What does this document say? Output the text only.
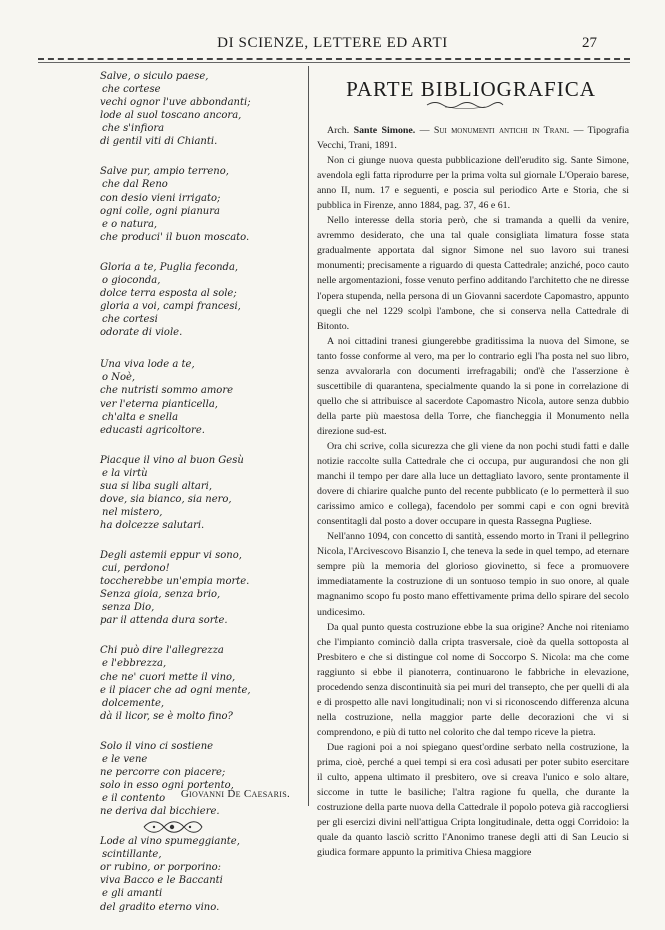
DI SCIENZE, LETTERE ED ARTI	27
Salve, o siculo paese,
che cortese
vechi ognor l'uve abbondanti;
lode al suol toscano ancora,
che s'infiora
di gentil viti di Chianti.
Salve pur, ampio terreno,
che dal Reno
con desio vieni irrigato;
ogni colle, ogni pianura
e o natura,
che produci' il buon moscato.
Gloria a te, Puglia feconda,
o gioconda,
dolce terra esposta al sole;
gloria a voi, campi francesi,
che cortesi
odorate di viole.
Una viva lode a te,
o Noè,
che nutristi sommo amore
ver l'eterna pianticella,
ch'alta e snella
educasti agricoltore.
Piacque il vino al buon Gesù
e la virtù
sua si liba sugli altari,
dove, sia bianco, sia nero,
nel mistero,
ha dolcezze salutari.
Degli astemii eppur vi sono,
cui, perdono!
toccherebbe un'empia morte.
Senza gioia, senza brio,
senza Dio,
par il attenda dura sorte.
Chi può dire l'allegrezza
e l'ebbrezza,
che ne' cuori mette il vino,
e il piacer che ad ogni mente,
dolcemente,
dà il licor, se è molto fino?
Solo il vino ci sostiene
e le vene
ne percorre con piacere;
solo in esso ogni portento,
e il contento
ne deriva dal bicchiere.
Lode al vino spumeggiante,
scintillante,
or rubino, or porporino:
viva Bacco e le Baccanti
e gli amanti
del gradito eterno vino.
Giovanni De Caesaris.
PARTE BIBLIOGRAFICA

Arch. Sante Simone. — Sui monumenti antichi in Trani. — Tipografia Vecchi, Trani, 1891.

Non ci giunge nuova questa pubblicazione dell'erudito sig. Sante Simone, avendola egli fatta riprodurre per la prima volta sul giornale L'Operaio barese, anno II, num. 17 e seguenti, e poscia sul periodico Arte e Storia, che si pubblica in Firenze, anno 1884, pag. 37, 46 e 61.

Nello interesse della storia però, che si tramanda a quelli da venire, avremmo desiderato, che una tal quale consigliata limatura fosse stata gradualmente apportata dal signor Simone nel suo lavoro sui tranesi monumenti; precisamente a riguardo di questa Cattedrale; anziché, poco cauto nelle argomentazioni, fosse venuto perfino additando l'architetto che ne diresse l'opera stupenda, nella persona di un Giovanni sacerdote Capomastro, appunto quegli che nel 1229 scolpì l'ambone, che si conserva nella Cattedrale di Bitonto.

A noi cittadini tranesi giungerebbe graditissima la nuova del Simone, se tanto fosse conforme al vero, ma per lo contrario egli l'ha posta nel suo libro, senza avvalorarla con documenti irrefragabili; ond'è che l'asserzione è suscettibile di quarantena, specialmente quando la si pone in correlazione di quello che si attribuisce al sacerdote Capomastro Nicola, autore senza dubbio della parte più maestosa della Torre, che fiancheggia il Monumento nella direzione sud-est.

Ora chi scrive, colla sicurezza che gli viene da non pochi studi fatti e dalle notizie raccolte sulla Cattedrale che ci occupa, pur augurandosi che non gli manchi il tempo per dare alla luce un dettagliato lavoro, sente prontamente il dovere di chiarire qualche punto del recente pubblicato (e lo permetterà il suo carissimo amico e collega), facendolo per sommi capi e con ogni brevità consentitagli dal posto a dover occupare in questa Rassegna Pugliese.

Nell'anno 1094, con concetto di santità, essendo morto in Trani il pellegrino Nicola, l'Arcivescovo Bisanzio I, che teneva la sede in quel tempo, ad eternare sempre più la memoria del glorioso giovinetto, si fece a promuovere immediatamente la costruzione di un sontuoso tempio in suo onore, al quale magnanimo scopo fu posto mano effettivamente prima dello spirare del secolo undicesimo.

Da qual punto questa costruzione ebbe la sua origine? Anche noi riteniamo che l'impianto cominciò dalla cripta trasversale, cioè da quella sottoposta al Presbitero e che si distingue col nome di Soccorpo S. Nicola: ma che come raggiunto si ebbe il pianoterra, continuarono le fabbriche in elevazione, procedendo senza discontinuità sia pei muri del transepto, che per quelli di ala e di prospetto alle navi longitudinali; non vi si riconoscendo differenza alcuna nella costruzione, nella maggior parte delle decorazioni che vi si comprendono, e più di tutto nel colorito che dal tempo riceve la pietra.

Due ragioni poi a noi spiegano quest'ordine serbato nella costruzione, la prima, cioè, perché a quei tempi si era così adusati per poter subito esercitare il culto, appena ultimato il presbitero, ove si creava l'unico e solo altare, siccome in tutte le basiliche; l'altra ragione fu quella, che durante la costruzione della parte nuova della Cattedrale il popolo poteva già raccogliersi per gli esercizi divini nell'attigua Cripta longitudinale, detta oggi Corridoio: la quale da quanto lasciò scritto l'Anonimo tranese degli atti di San Leucio si giudica formare appunto la primitiva Chiesa maggiore
